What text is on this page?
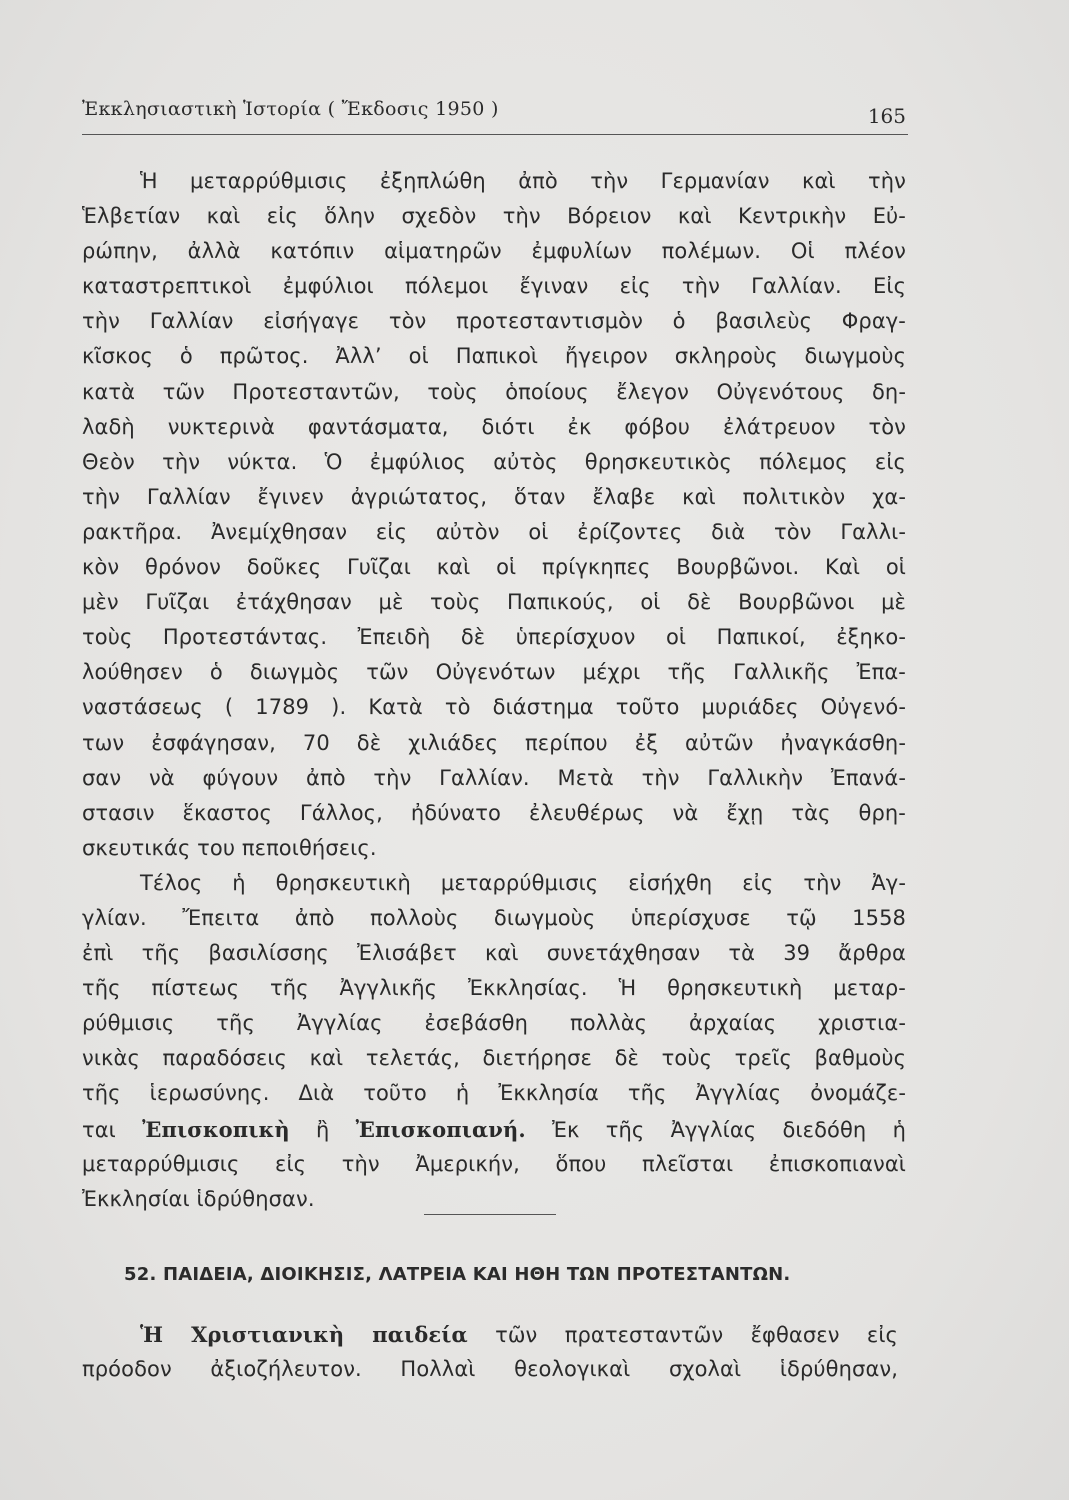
Ἐκκλησιαστικὴ Ἱστορία ( Ἔκδοσις 1950 )	165
Ἡ μεταρρύθμισις ἐξηπλώθη ἀπὸ τὴν Γερμανίαν καὶ τὴν
Ἑλβετίαν καὶ εἰς ὅλην σχεδὸν τὴν Βόρειον καὶ Κεντρικὴν Εὐ-
ρώπην, ἀλλὰ κατόπιν αἱματηρῶν ἐμφυλίων πολέμων. Οἱ πλέον
καταστρεπτικοὶ ἐμφύλιοι πόλεμοι ἔγιναν εἰς τὴν Γαλλίαν. Εἰς
τὴν Γαλλίαν εἰσήγαγε τὸν προτεσταντισμὸν ὁ βασιλεὺς Φραγ-
κῖσκος ὁ πρῶτος. Ἀλλ’ οἱ Παπικοὶ ἤγειρον σκληροὺς διωγμοὺς
κατὰ τῶν Προτεσταντῶν, τοὺς ὁποίους ἔλεγον Οὐγενότους δη-
λαδὴ νυκτερινὰ φαντάσματα, διότι ἐκ φόβου ἐλάτρευον τὸν
Θεὸν τὴν νύκτα. Ὁ ἐμφύλιος αὐτὸς θρησκευτικὸς πόλεμος εἰς
τὴν Γαλλίαν ἔγινεν ἀγριώτατος, ὅταν ἔλαβε καὶ πολιτικὸν χα-
ρακτῆρα. Ἀνεμίχθησαν εἰς αὐτὸν οἱ ἐρίζοντες διὰ τὸν Γαλλι-
κὸν θρόνον δοῦκες Γυῖζαι καὶ οἱ πρίγκηπες Βουρβῶνοι. Καὶ οἱ
μὲν Γυῖζαι ἐτάχθησαν μὲ τοὺς Παπικούς, οἱ δὲ Βουρβῶνοι μὲ
τοὺς Προτεστάντας. Ἐπειδὴ δὲ ὑπερίσχυον οἱ Παπικοί, ἐξηκο-
λούθησεν ὁ διωγμὸς τῶν Οὐγενότων μέχρι τῆς Γαλλικῆς Ἐπα-
ναστάσεως ( 1789 ). Κατὰ τὸ διάστημα τοῦτο μυριάδες Οὐγενό-
των ἐσφάγησαν, 70 δὲ χιλιάδες περίπου ἐξ αὐτῶν ἠναγκάσθη-
σαν νὰ φύγουν ἀπὸ τὴν Γαλλίαν. Μετὰ τὴν Γαλλικὴν Ἐπανά-
στασιν ἕκαστος Γάλλος, ἠδύνατο ἐλευθέρως νὰ ἔχῃ τὰς θρη-
σκευτικάς του πεποιθήσεις.
Τέλος ἡ θρησκευτικὴ μεταρρύθμισις εἰσήχθη εἰς τὴν Ἀγ-
γλίαν. Ἔπειτα ἀπὸ πολλοὺς διωγμοὺς ὑπερίσχυσε τῷ 1558
ἐπὶ τῆς βασιλίσσης Ἐλισάβετ καὶ συνετάχθησαν τὰ 39 ἄρθρα
τῆς πίστεως τῆς Ἀγγλικῆς Ἐκκλησίας. Ἡ θρησκευτικὴ μεταρ-
ρύθμισις τῆς Ἀγγλίας ἐσεβάσθη πολλὰς ἀρχαίας χριστια-
νικὰς παραδόσεις καὶ τελετάς, διετήρησε δὲ τοὺς τρεῖς βαθμοὺς
τῆς ἱερωσύνης. Διὰ τοῦτο ἡ Ἐκκλησία τῆς Ἀγγλίας ὀνομάζε-
ται Ἐπισκοπικὴ ἢ Ἐπισκοπιανή. Ἐκ τῆς Ἀγγλίας διεδόθη ἡ
μεταρρύθμισις εἰς τὴν Ἀμερικήν, ὅπου πλεῖσται ἐπισκοπιαναὶ
Ἐκκλησίαι ἱδρύθησαν.
52. ΠΑΙΔΕΙΑ, ΔΙΟΙΚΗΣΙΣ, ΛΑΤΡΕΙΑ ΚΑΙ ΗΘΗ ΤΩΝ ΠΡΟΤΕΣΤΑΝΤΩΝ.
Ἡ Χριστιανικὴ παιδεία τῶν πρατεσταντῶν ἔφθασεν εἰς
πρόοδον ἀξιοζήλευτον. Πολλαὶ θεολογικαὶ σχολαὶ ἱδρύθησαν,
